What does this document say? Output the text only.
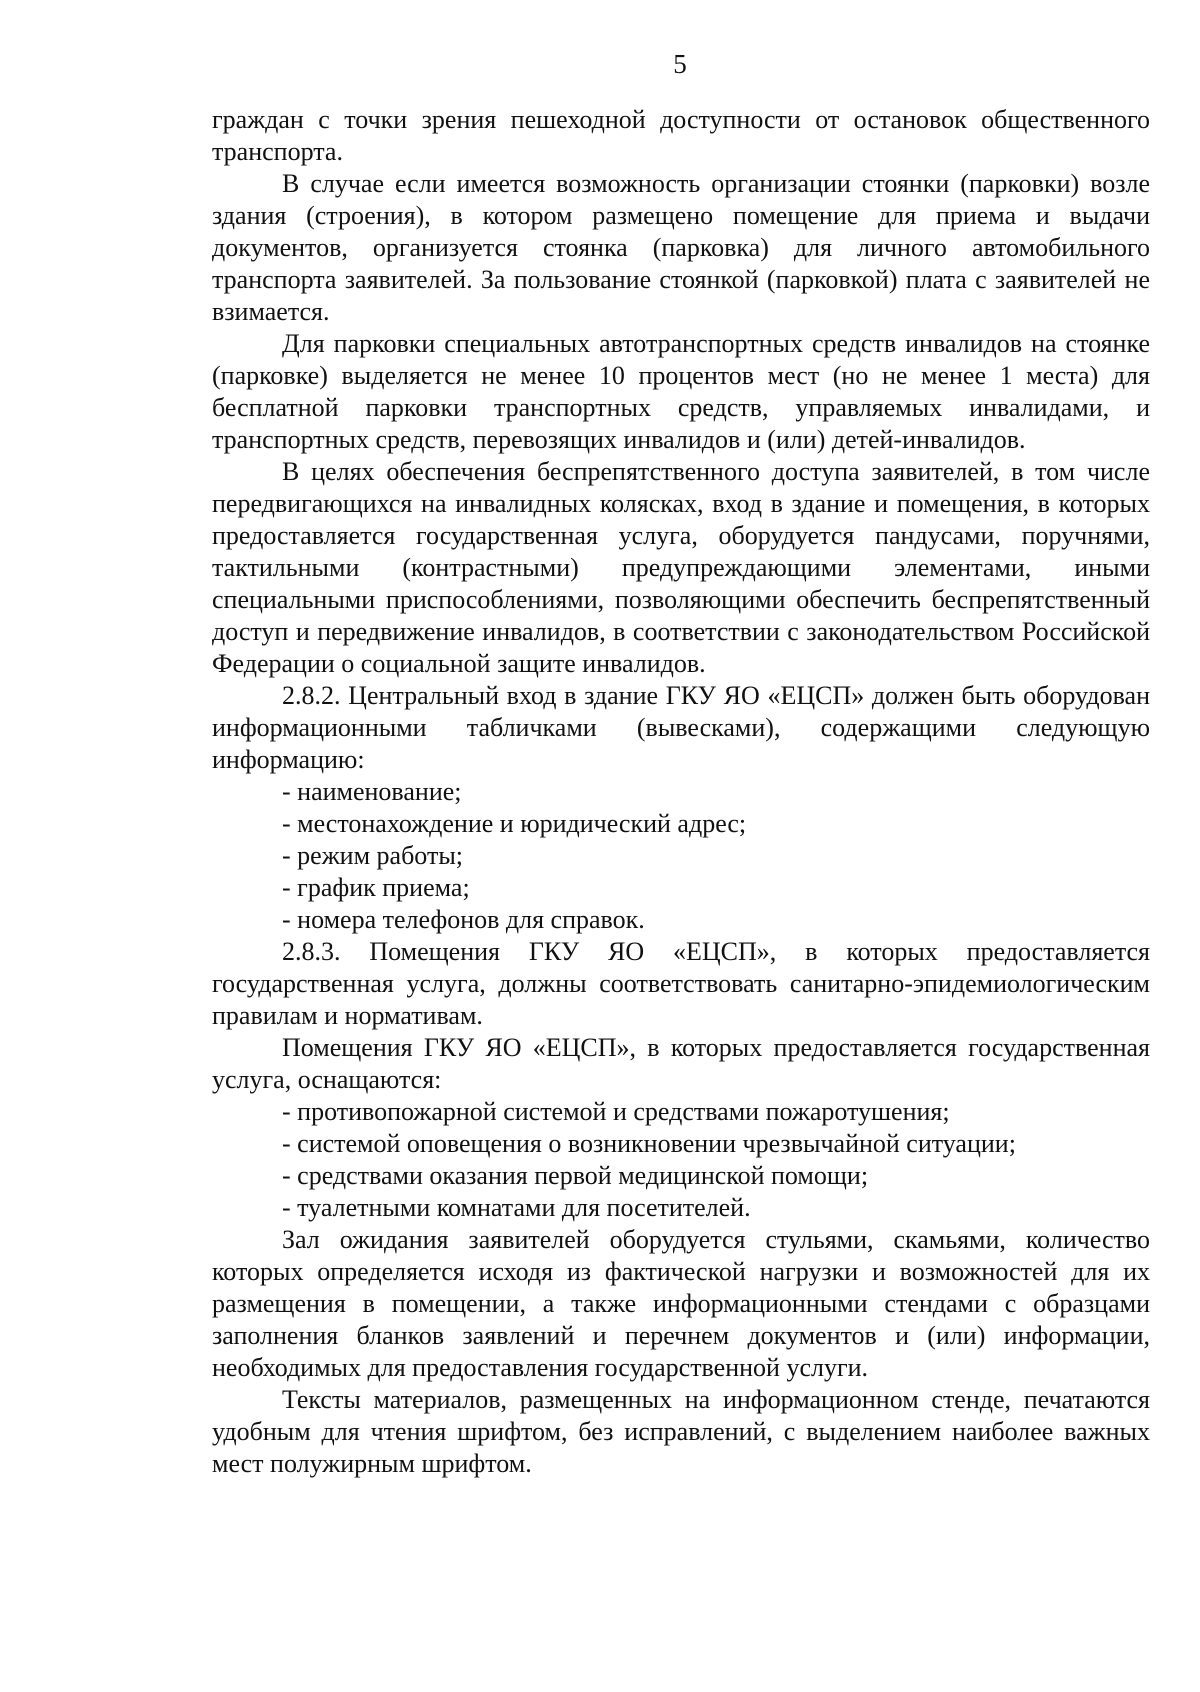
5

граждан с точки зрения пешеходной доступности от остановок общественного транспорта.

В случае если имеется возможность организации стоянки (парковки) возле здания (строения), в котором размещено помещение для приема и выдачи документов, организуется стоянка (парковка) для личного автомобильного транспорта заявителей. За пользование стоянкой (парковкой) плата с заявителей не взимается.

Для парковки специальных автотранспортных средств инвалидов на стоянке (парковке) выделяется не менее 10 процентов мест (но не менее 1 места) для бесплатной парковки транспортных средств, управляемых инвалидами, и транспортных средств, перевозящих инвалидов и (или) детей-инвалидов.

В целях обеспечения беспрепятственного доступа заявителей, в том числе передвигающихся на инвалидных колясках, вход в здание и помещения, в которых предоставляется государственная услуга, оборудуется пандусами, поручнями, тактильными (контрастными) предупреждающими элементами, иными специальными приспособлениями, позволяющими обеспечить беспрепятственный доступ и передвижение инвалидов, в соответствии с законодательством Российской Федерации о социальной защите инвалидов.

2.8.2. Центральный вход в здание ГКУ ЯО «ЕЦСП» должен быть оборудован информационными табличками (вывесками), содержащими следующую информацию:

- наименование;

- местонахождение и юридический адрес;

- режим работы;

- график приема;

- номера телефонов для справок.

2.8.3. Помещения ГКУ ЯО «ЕЦСП», в которых предоставляется государственная услуга, должны соответствовать санитарно-эпидемиологическим правилам и нормативам.

Помещения ГКУ ЯО «ЕЦСП», в которых предоставляется государственная услуга, оснащаются:

- противопожарной системой и средствами пожаротушения;

- системой оповещения о возникновении чрезвычайной ситуации;

- средствами оказания первой медицинской помощи;

- туалетными комнатами для посетителей.

Зал ожидания заявителей оборудуется стульями, скамьями, количество которых определяется исходя из фактической нагрузки и возможностей для их размещения в помещении, а также информационными стендами с образцами заполнения бланков заявлений и перечнем документов и (или) информации, необходимых для предоставления государственной услуги.

Тексты материалов, размещенных на информационном стенде, печатаются удобным для чтения шрифтом, без исправлений, с выделением наиболее важных мест полужирным шрифтом.
